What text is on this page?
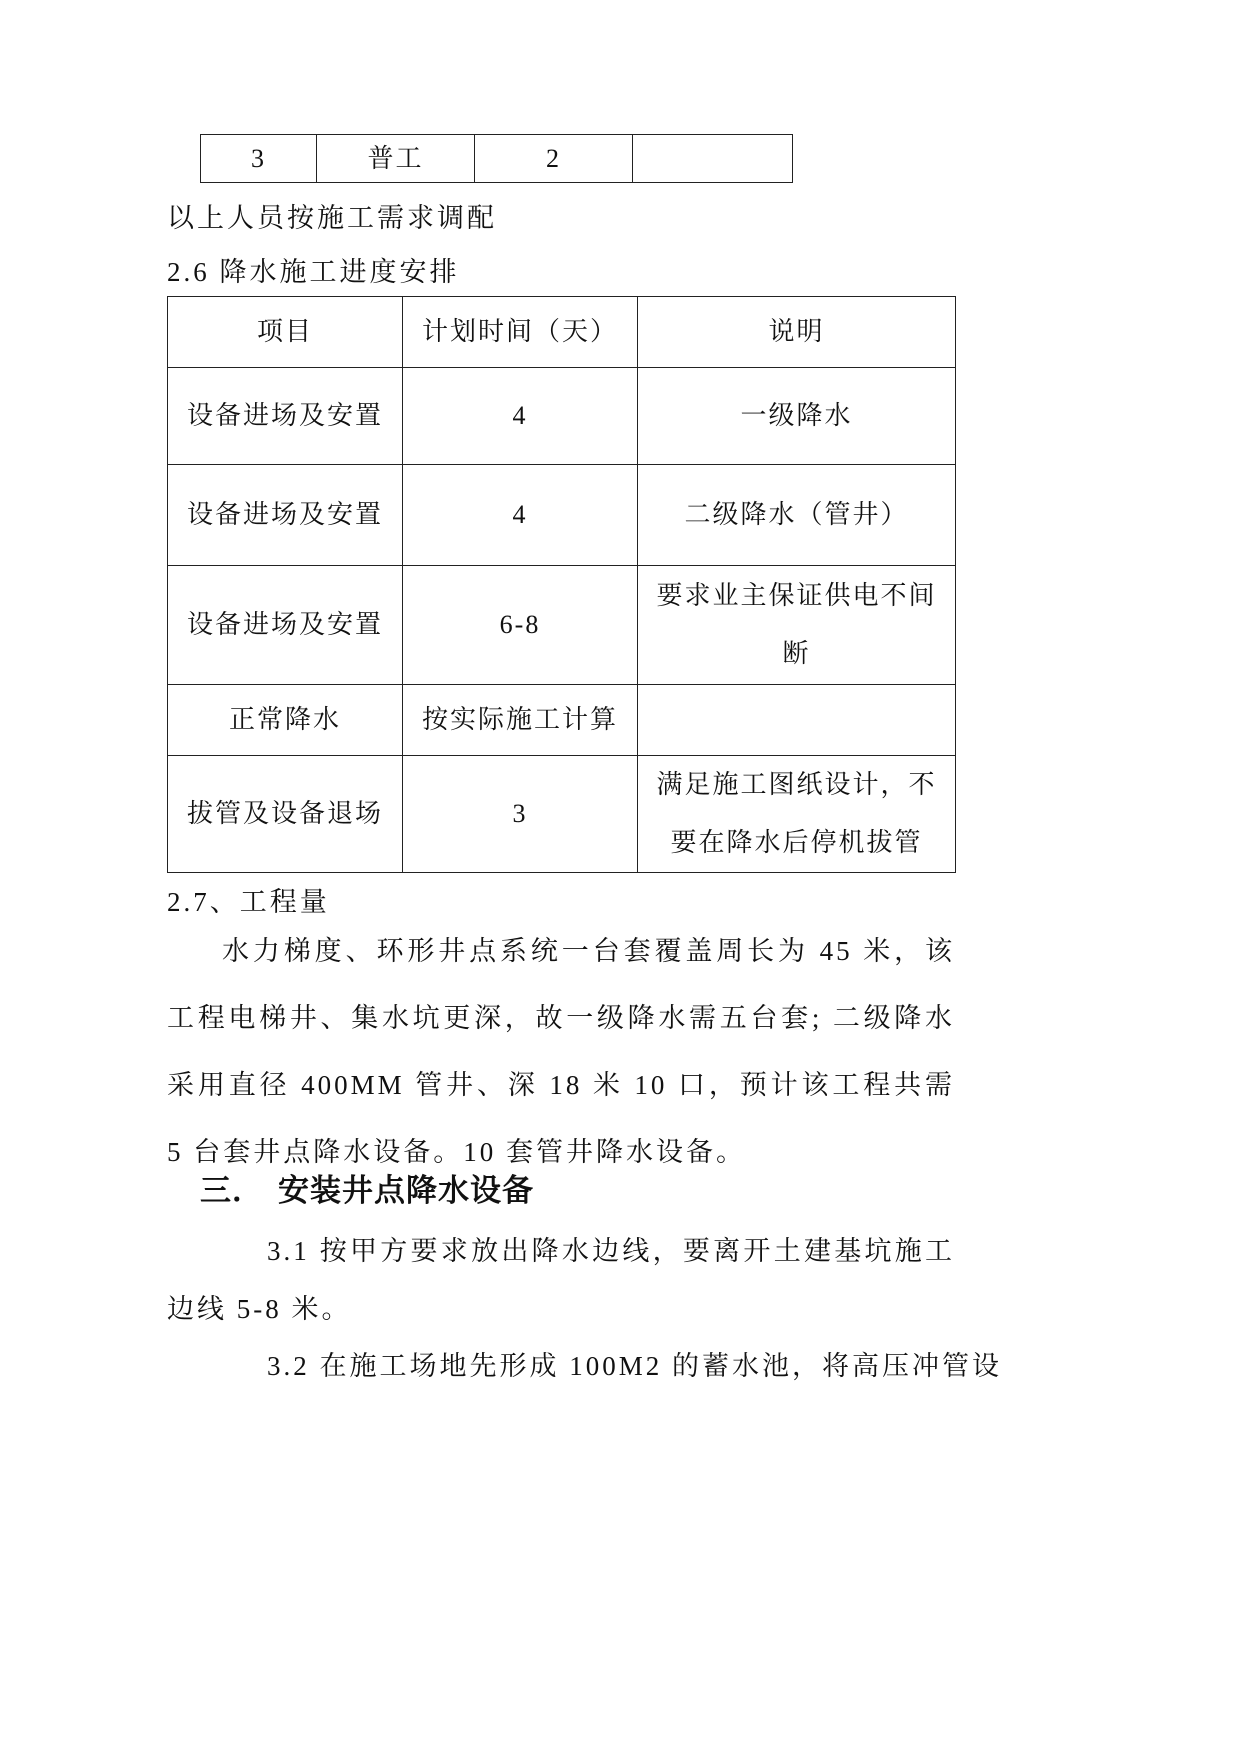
3	普工	2	
以上人员按施工需求调配
2.6 降水施工进度安排
项目	计划时间（天）	说明
设备进场及安置	4	一级降水
设备进场及安置	4	二级降水（管井）
设备进场及安置	6-8	要求业主保证供电不间断
正常降水	按实际施工计算	
拔管及设备退场	3	满足施工图纸设计，不要在降水后停机拔管
2.7、工程量
水力梯度、环形井点系统一台套覆盖周长为 45 米，该工程电梯井、集水坑更深，故一级降水需五台套; 二级降水采用直径 400MM 管井、深 18 米 10 口，预计该工程共需 5 台套井点降水设备。10 套管井降水设备。
三． 安装井点降水设备
3.1 按甲方要求放出降水边线，要离开土建基坑施工边线 5-8 米。
3.2 在施工场地先形成 100M2 的蓄水池，将高压冲管设
